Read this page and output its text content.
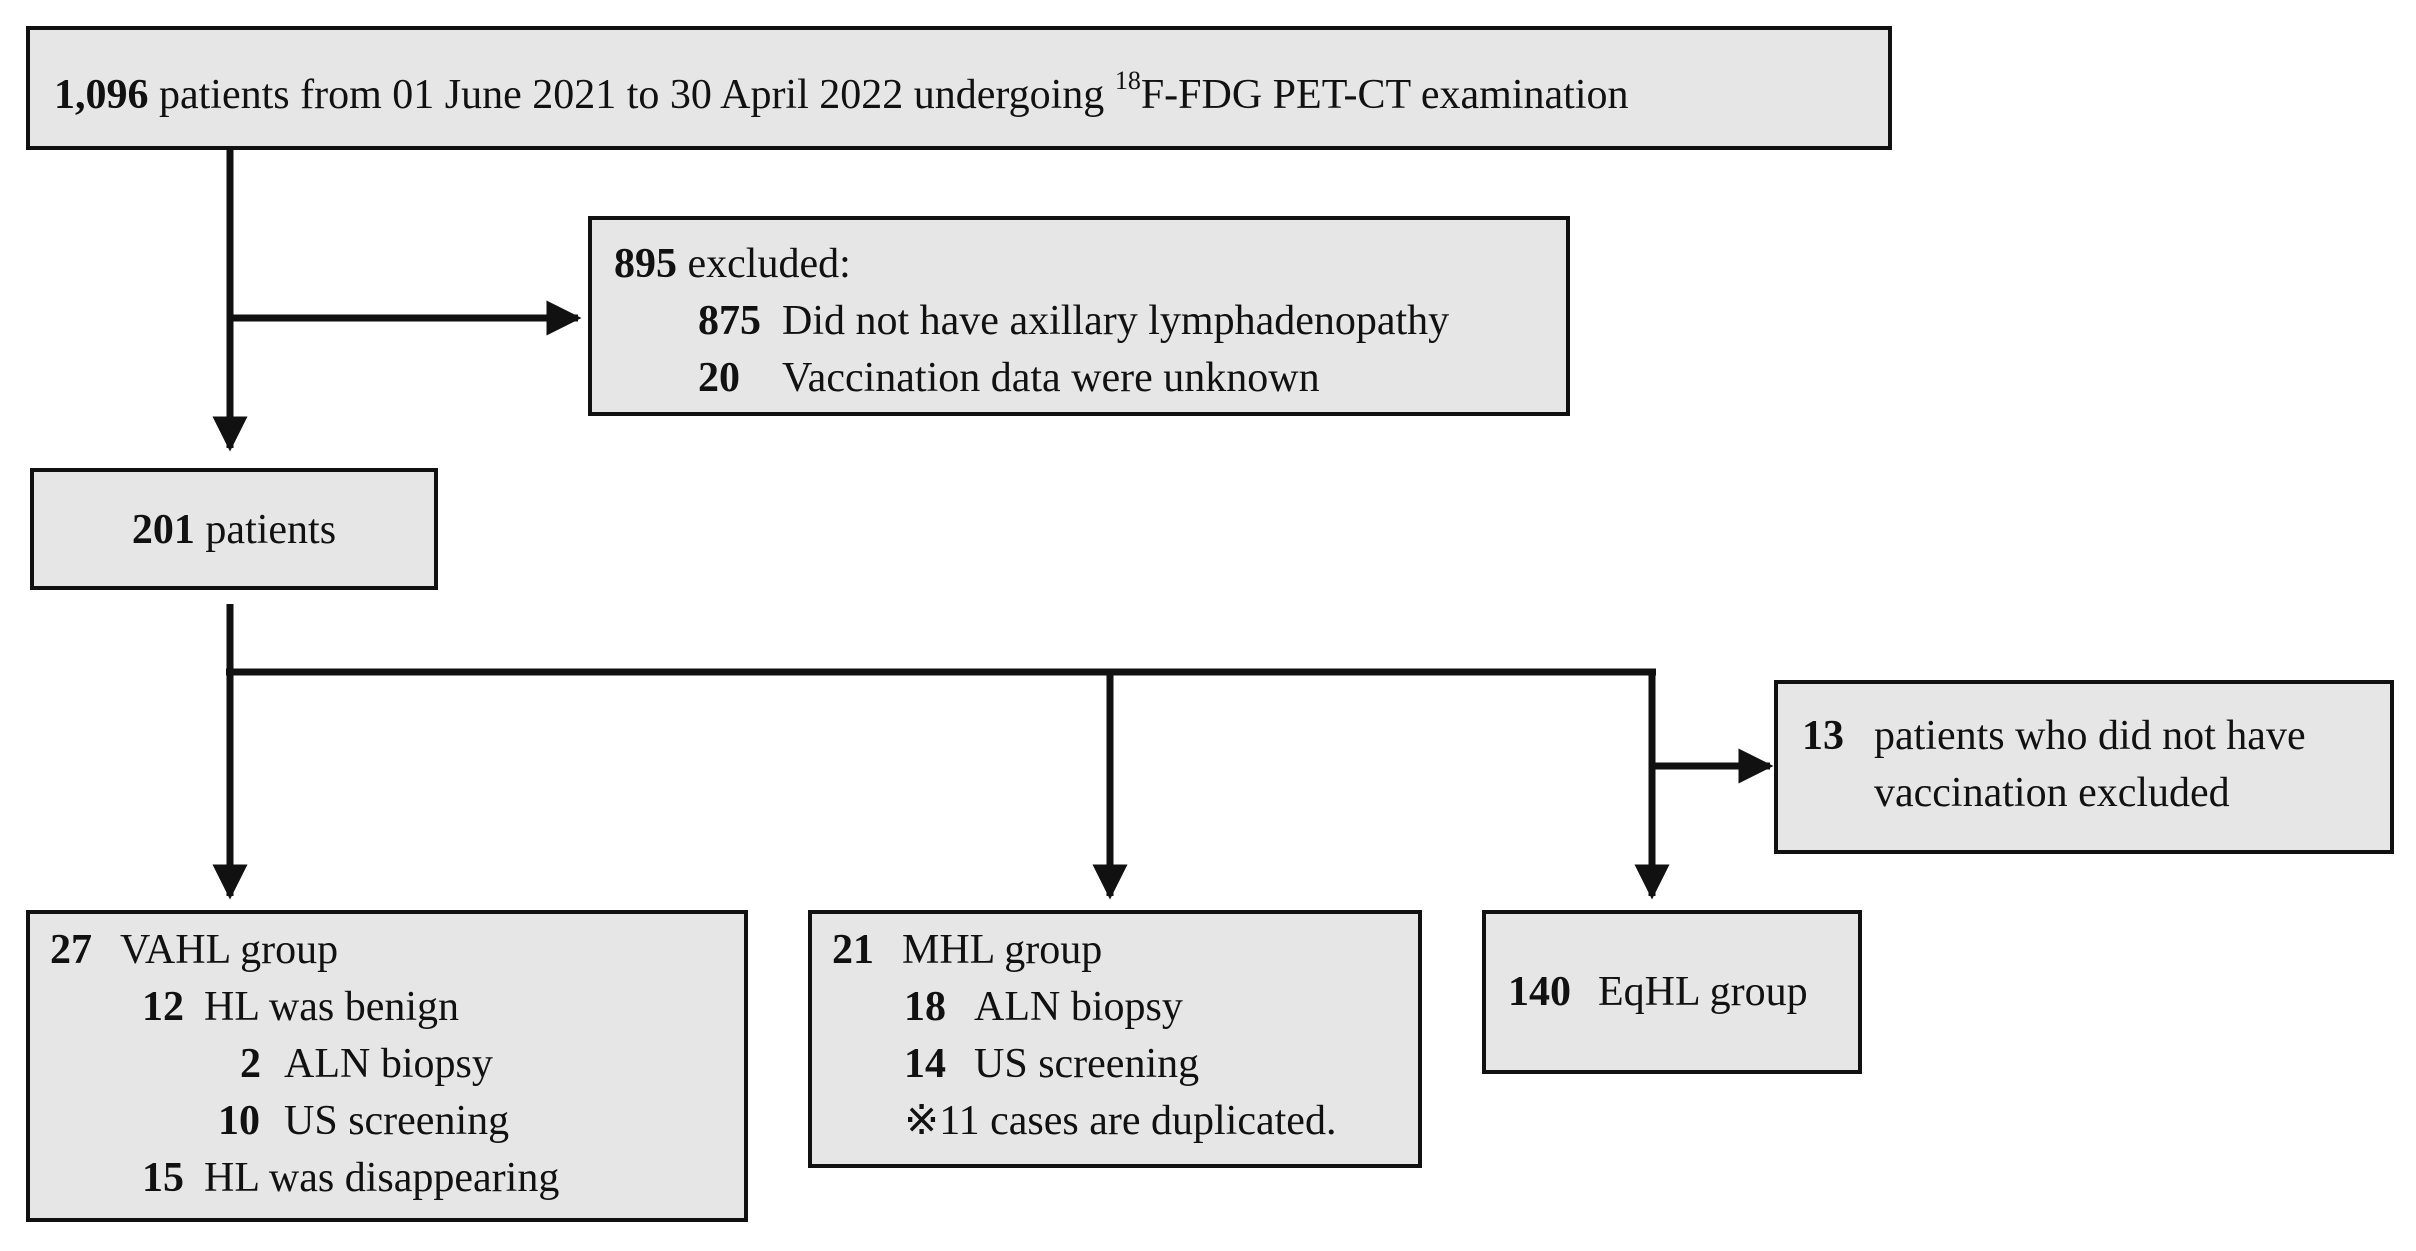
1,096 patients from 01 June 2021 to 30 April 2022 undergoing $^{18}$F-FDG PET-CT examination
895 excluded:
875 Did not have axillary lymphadenopathy
20 Vaccination data were unknown
201 patients
13 patients who did not have
vaccination excluded
27 VAHL group
12 HL was benign
2 ALN biopsy
10 US screening
15 HL was disappearing
21 MHL group
18 ALN biopsy
14 US screening
※11 cases are duplicated.
140 EqHL group
